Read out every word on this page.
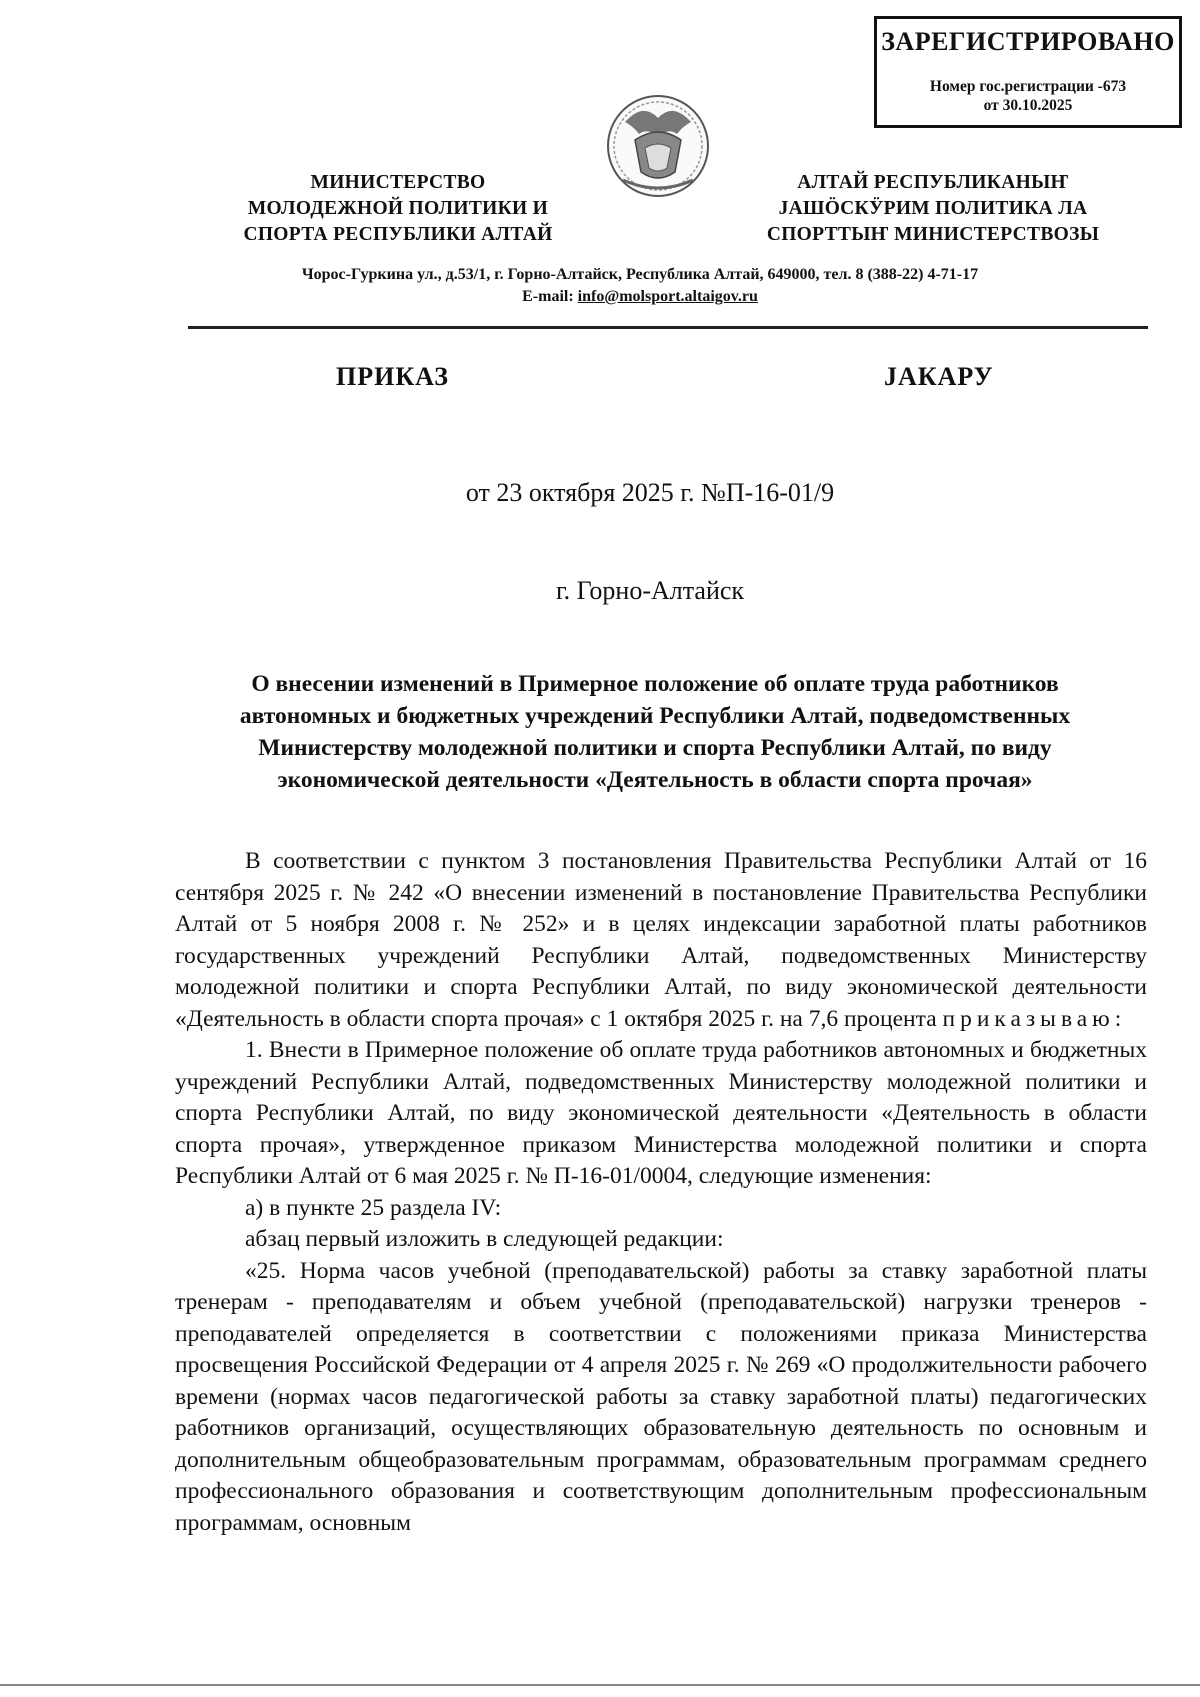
ЗАРЕГИСТРИРОВАНО
Номер гос.регистрации -673
от 30.10.2025
МИНИСТЕРСТВО
МОЛОДЕЖНОЙ ПОЛИТИКИ И
СПОРТА РЕСПУБЛИКИ АЛТАЙ
АЛТАЙ РЕСПУБЛИКАНЫҤ
ЈАШӦСКӰРИМ ПОЛИТИКА ЛА
СПОРТТЫҤ МИНИСТЕРСТВОЗЫ
Чорос-Гуркина ул., д.53/1, г. Горно-Алтайск, Республика Алтай, 649000, тел. 8 (388-22) 4-71-17
E-mail: info@molsport.altaigov.ru
ПРИКАЗ	ЈАКАРУ
от 23 октября 2025 г. №П-16-01/9
г. Горно-Алтайск
О внесении изменений в Примерное положение об оплате труда работников
автономных и бюджетных учреждений Республики Алтай, подведомственных
Министерству молодежной политики и спорта Республики Алтай, по виду
экономической деятельности «Деятельность в области спорта прочая»

В соответствии с пунктом 3 постановления Правительства Республики Алтай от 16 сентября 2025 г. № 242 «О внесении изменений в постановление Правительства Республики Алтай от 5 ноября 2008 г. № 252» и в целях индексации заработной платы работников государственных учреждений Республики Алтай, подведомственных Министерству молодежной политики и спорта Республики Алтай, по виду экономической деятельности «Деятельность в области спорта прочая» с 1 октября 2025 г. на 7,6 процента приказываю:

1. Внести в Примерное положение об оплате труда работников автономных и бюджетных учреждений Республики Алтай, подведомственных Министерству молодежной политики и спорта Республики Алтай, по виду экономической деятельности «Деятельность в области спорта прочая», утвержденное приказом Министерства молодежной политики и спорта Республики Алтай от 6 мая 2025 г. № П-16-01/0004, следующие изменения:

а) в пункте 25 раздела IV:

абзац первый изложить в следующей редакции:

«25. Норма часов учебной (преподавательской) работы за ставку заработной платы тренерам - преподавателям и объем учебной (преподавательской) нагрузки тренеров - преподавателей определяется в соответствии с положениями приказа Министерства просвещения Российской Федерации от 4 апреля 2025 г. № 269 «О продолжительности рабочего времени (нормах часов педагогической работы за ставку заработной платы) педагогических работников организаций, осуществляющих образовательную деятельность по основным и дополнительным общеобразовательным программам, образовательным программам среднего профессионального образования и соответствующим дополнительным профессиональным программам, основным
